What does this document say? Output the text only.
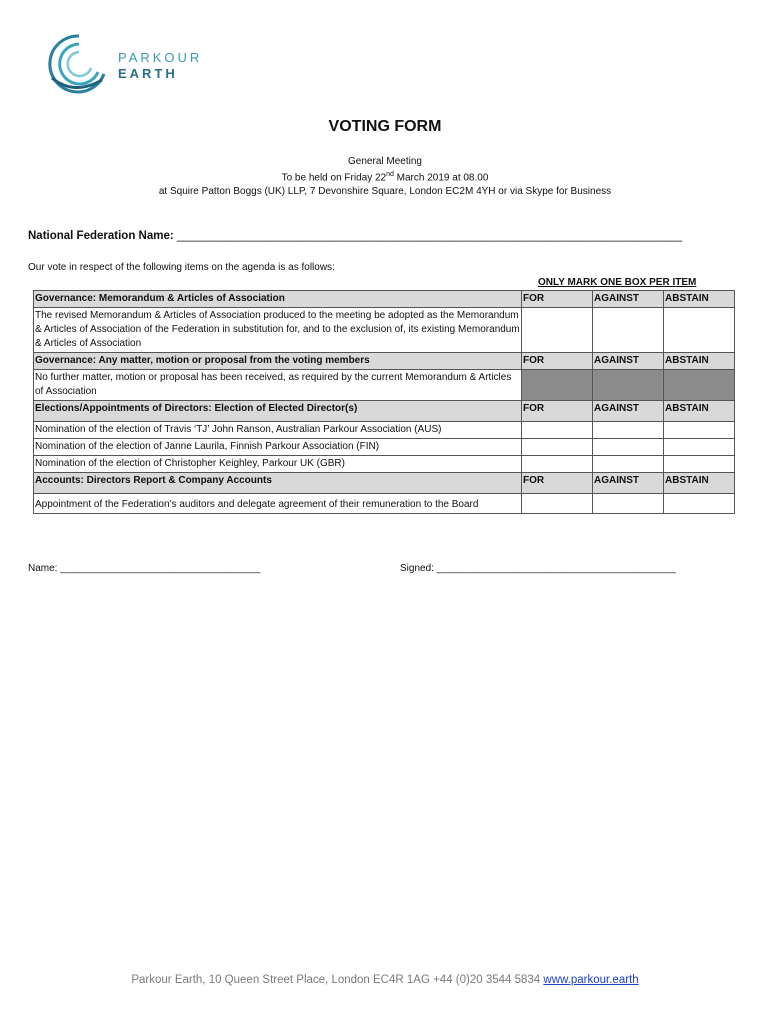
PARKOUR
EARTH
VOTING FORM
General Meeting
To be held on Friday 22nd March 2019 at 08.00
at Squire Patton Boggs (UK) LLP, 7 Devonshire Square, London EC2M 4YH or via Skype for Business
National Federation Name: _______________________________________________________________________________
Our vote in respect of the following items on the agenda is as follows:
ONLY MARK ONE BOX PER ITEM
Governance: Memorandum & Articles of Association	FOR	AGAINST	ABSTAIN
The revised Memorandum & Articles of Association produced to the meeting be adopted as the Memorandum & Articles of Association of the Federation in substitution for, and to the exclusion of, its existing Memorandum & Articles of Association			
Governance: Any matter, motion or proposal from the voting members	FOR	AGAINST	ABSTAIN
No further matter, motion or proposal has been received, as required by the current Memorandum & Articles of Association			
Elections/Appointments of Directors: Election of Elected Director(s)	FOR	AGAINST	ABSTAIN
Nomination of the election of Travis ‘TJ’ John Ranson, Australian Parkour Association (AUS)			
Nomination of the election of Janne Laurila, Finnish Parkour Association (FIN)			
Nomination of the election of Christopher Keighley, Parkour UK (GBR)			
Accounts: Directors Report & Company Accounts	FOR	AGAINST	ABSTAIN
Appointment of the Federation’s auditors and delegate agreement of their remuneration to the Board			
Name: ____________________________________	Signed: ___________________________________________
Parkour Earth, 10 Queen Street Place, London EC4R 1AG +44 (0)20 3544 5834 www.parkour.earth
